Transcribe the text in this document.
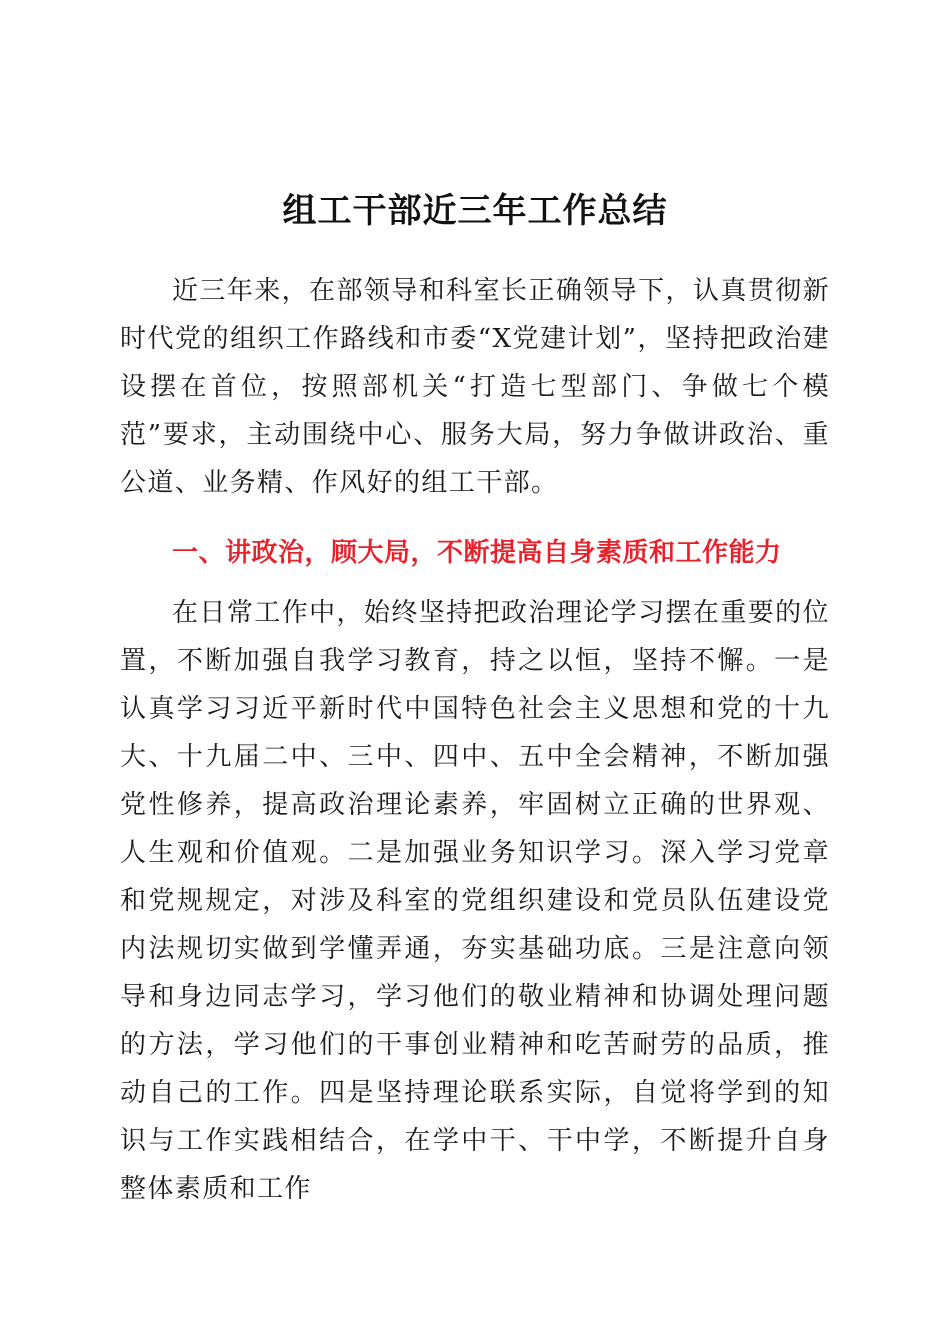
组工干部近三年工作总结

近三年来，在部领导和科室长正确领导下，认真贯彻新时代党的组织工作路线和市委“X党建计划”，坚持把政治建设摆在首位，按照部机关“打造七型部门、争做七个模范”要求，主动围绕中心、服务大局，努力争做讲政治、重公道、业务精、作风好的组工干部。

一、讲政治，顾大局，不断提高自身素质和工作能力

在日常工作中，始终坚持把政治理论学习摆在重要的位置，不断加强自我学习教育，持之以恒，坚持不懈。一是认真学习习近平新时代中国特色社会主义思想和党的十九大、十九届二中、三中、四中、五中全会精神，不断加强党性修养，提高政治理论素养，牢固树立正确的世界观、人生观和价值观。二是加强业务知识学习。深入学习党章和党规规定，对涉及科室的党组织建设和党员队伍建设党内法规切实做到学懂弄通，夯实基础功底。三是注意向领导和身边同志学习，学习他们的敬业精神和协调处理问题的方法，学习他们的干事创业精神和吃苦耐劳的品质，推动自己的工作。四是坚持理论联系实际，自觉将学到的知识与工作实践相结合，在学中干、干中学，不断提升自身整体素质和工作
